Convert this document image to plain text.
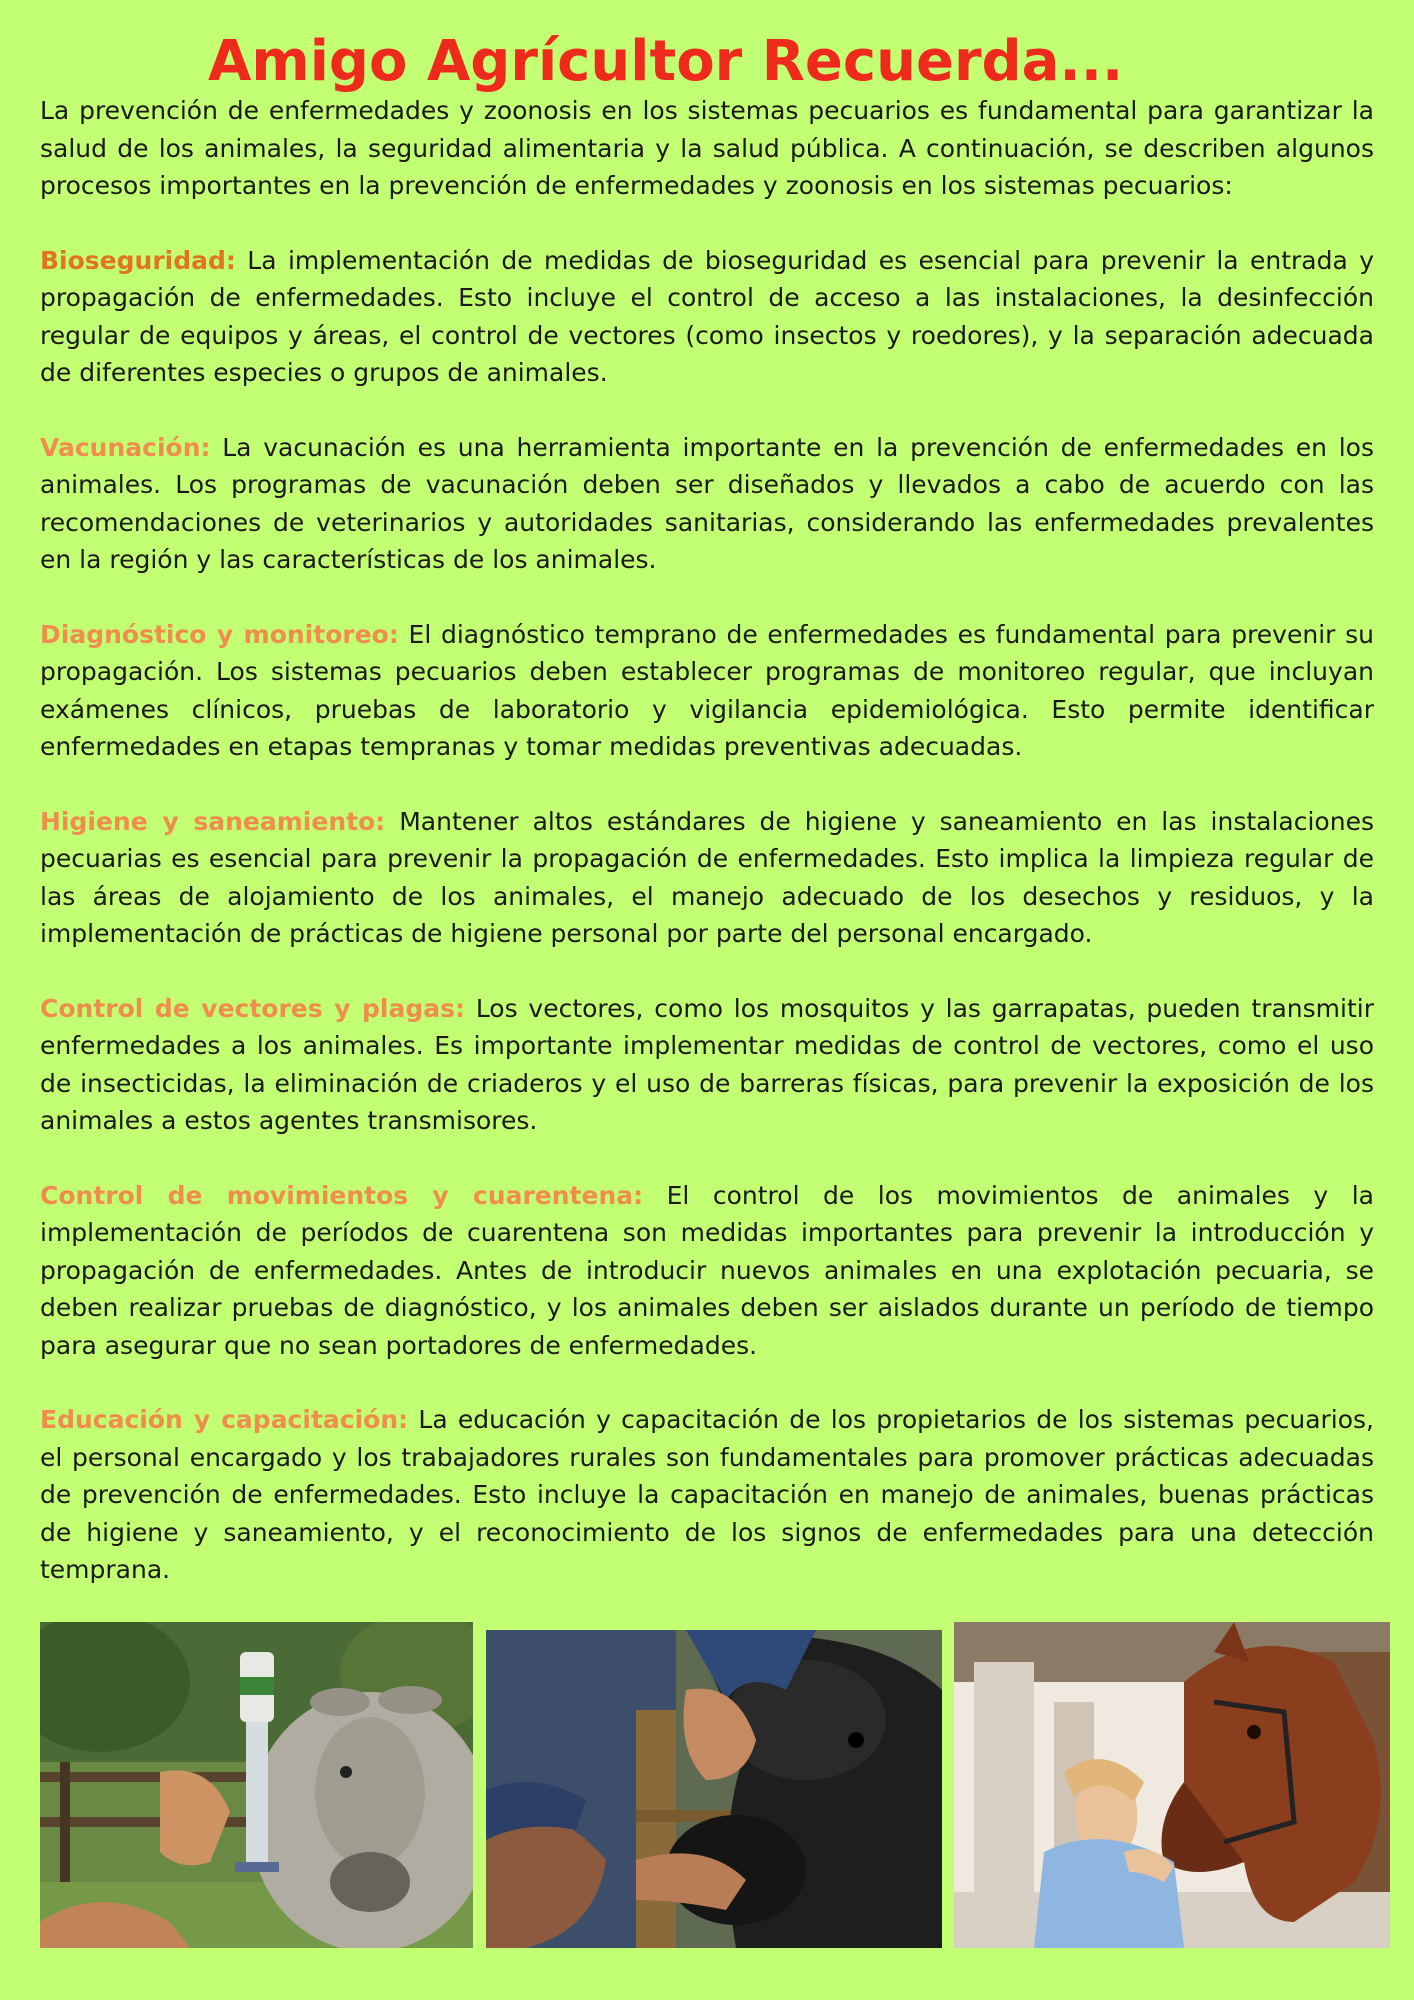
Amigo Agrícultor Recuerda...

La prevención de enfermedades y zoonosis en los sistemas pecuarios es fundamental para garantizar la salud de los animales, la seguridad alimentaria y la salud pública. A continuación, se describen algunos procesos importantes en la prevención de enfermedades y zoonosis en los sistemas pecuarios:

Bioseguridad: La implementación de medidas de bioseguridad es esencial para prevenir la entrada y propagación de enfermedades. Esto incluye el control de acceso a las instalaciones, la desinfección regular de equipos y áreas, el control de vectores (como insectos y roedores), y la separación adecuada de diferentes especies o grupos de animales.

Vacunación: La vacunación es una herramienta importante en la prevención de enfermedades en los animales. Los programas de vacunación deben ser diseñados y llevados a cabo de acuerdo con las recomendaciones de veterinarios y autoridades sanitarias, considerando las enfermedades prevalentes en la región y las características de los animales.

Diagnóstico y monitoreo: El diagnóstico temprano de enfermedades es fundamental para prevenir su propagación. Los sistemas pecuarios deben establecer programas de monitoreo regular, que incluyan exámenes clínicos, pruebas de laboratorio y vigilancia epidemiológica. Esto permite identificar enfermedades en etapas tempranas y tomar medidas preventivas adecuadas.

Higiene y saneamiento: Mantener altos estándares de higiene y saneamiento en las instalaciones pecuarias es esencial para prevenir la propagación de enfermedades. Esto implica la limpieza regular de las áreas de alojamiento de los animales, el manejo adecuado de los desechos y residuos, y la implementación de prácticas de higiene personal por parte del personal encargado.

Control de vectores y plagas: Los vectores, como los mosquitos y las garrapatas, pueden transmitir enfermedades a los animales. Es importante implementar medidas de control de vectores, como el uso de insecticidas, la eliminación de criaderos y el uso de barreras físicas, para prevenir la exposición de los animales a estos agentes transmisores.

Control de movimientos y cuarentena: El control de los movimientos de animales y la implementación de períodos de cuarentena son medidas importantes para prevenir la introducción y propagación de enfermedades. Antes de introducir nuevos animales en una explotación pecuaria, se deben realizar pruebas de diagnóstico, y los animales deben ser aislados durante un período de tiempo para asegurar que no sean portadores de enfermedades.

Educación y capacitación: La educación y capacitación de los propietarios de los sistemas pecuarios, el personal encargado y los trabajadores rurales son fundamentales para promover prácticas adecuadas de prevención de enfermedades. Esto incluye la capacitación en manejo de animales, buenas prácticas de higiene y saneamiento, y el reconocimiento de los signos de enfermedades para una detección temprana.
